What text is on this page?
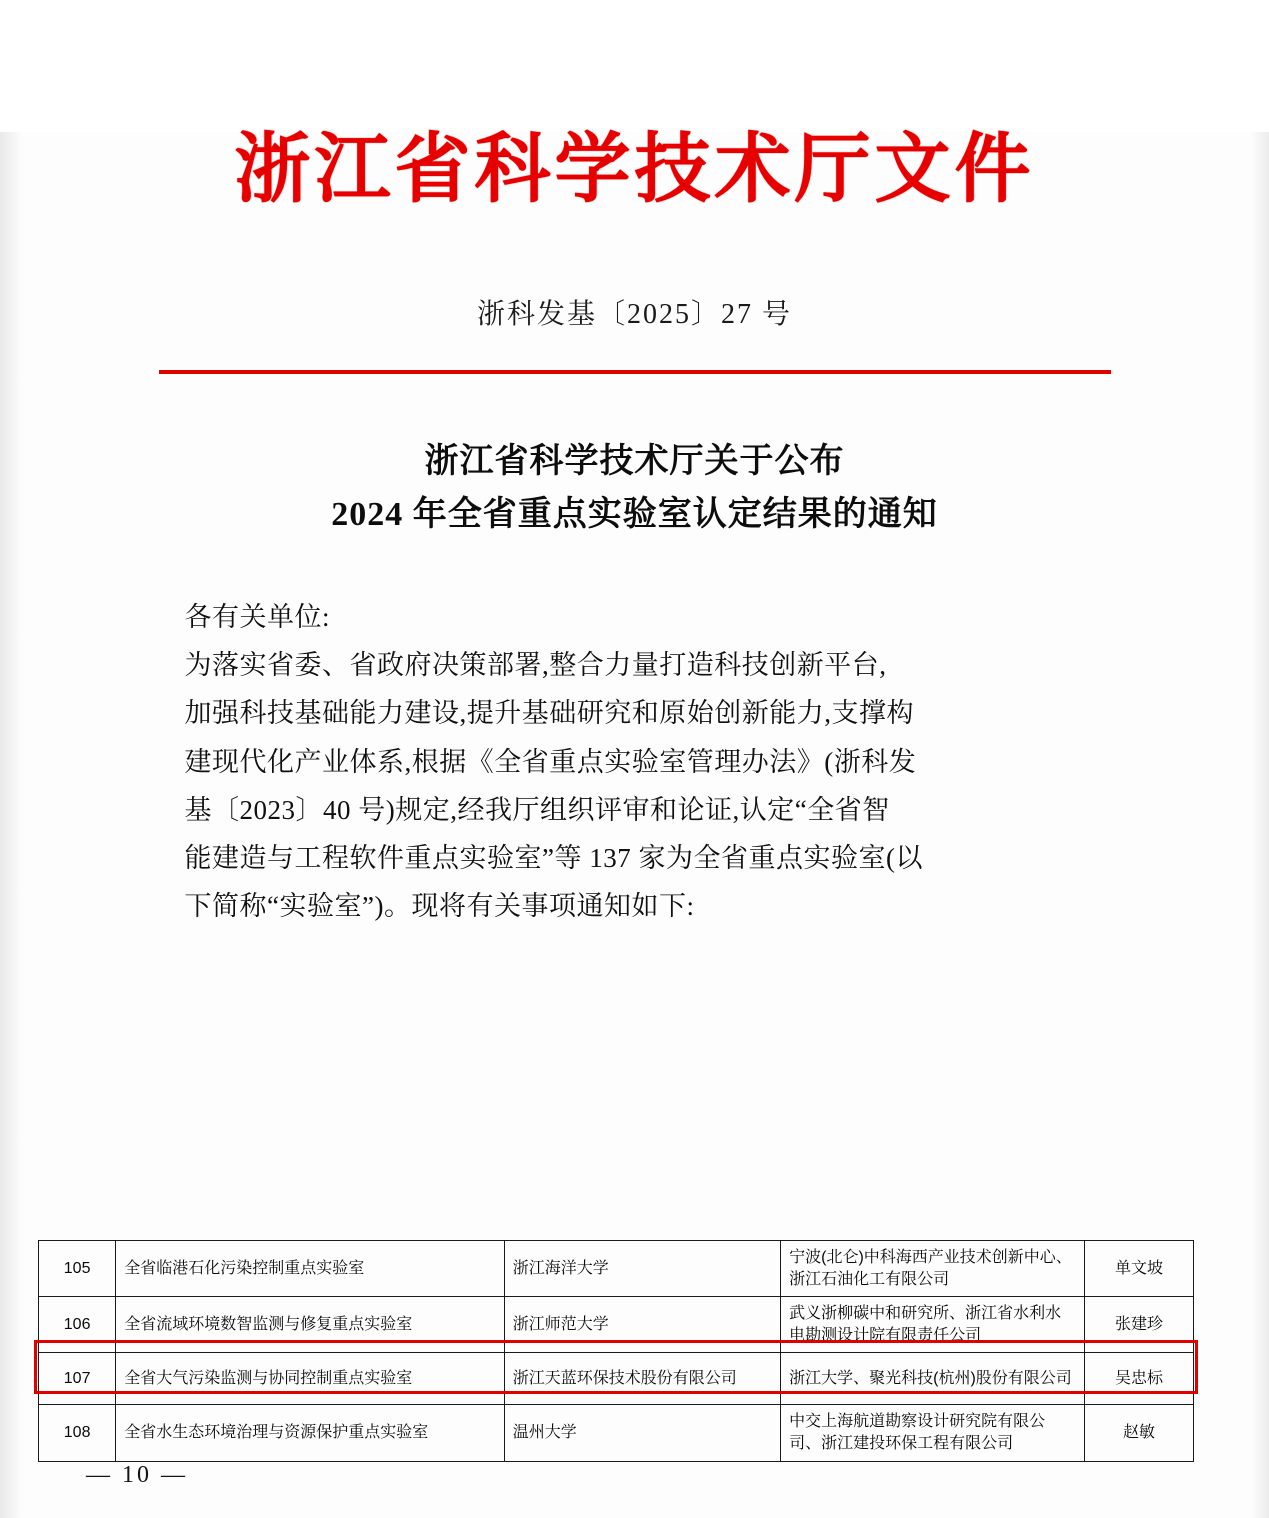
浙江省科学技术厅文件
浙科发基〔2025〕27 号
浙江省科学技术厅关于公布
2024 年全省重点实验室认定结果的通知

各有关单位:

为落实省委、省政府决策部署,整合力量打造科技创新平台,

加强科技基础能力建设,提升基础研究和原始创新能力,支撑构

建现代化产业体系,根据《全省重点实验室管理办法》(浙科发

基〔2023〕40 号)规定,经我厅组织评审和论证,认定“全省智

能建造与工程软件重点实验室”等 137 家为全省重点实验室(以

下简称“实验室”)。现将有关事项通知如下:

105	全省临港石化污染控制重点实验室	浙江海洋大学	宁波(北仑)中科海西产业技术创新中心、浙江石油化工有限公司	单文坡
106	全省流域环境数智监测与修复重点实验室	浙江师范大学	武义浙柳碳中和研究所、浙江省水利水电勘测设计院有限责任公司	张建珍
107	全省大气污染监测与协同控制重点实验室	浙江天蓝环保技术股份有限公司	浙江大学、聚光科技(杭州)股份有限公司	吴忠标
108	全省水生态环境治理与资源保护重点实验室	温州大学	中交上海航道勘察设计研究院有限公司、浙江建投环保工程有限公司	赵敏
— 10 —
